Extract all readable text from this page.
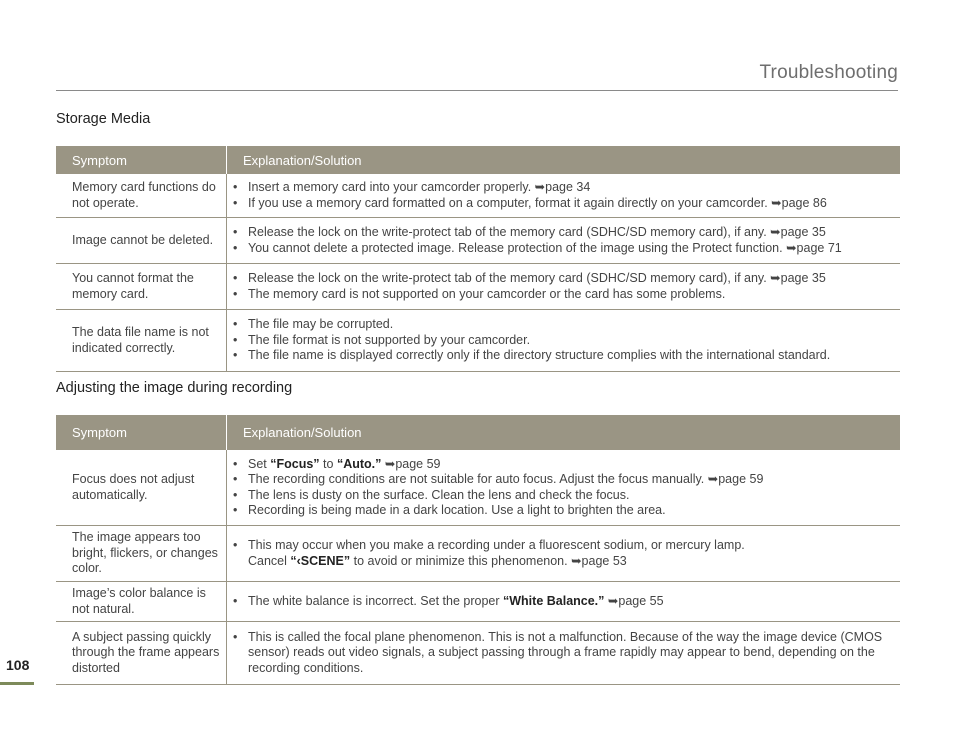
Troubleshooting
Storage Media
Symptom	Explanation/Solution
Memory card functions do not operate.
• Insert a memory card into your camcorder properly. ➥page 34
• If you use a memory card formatted on a computer, format it again directly on your camcorder. ➥page 86
Image cannot be deleted.
• Release the lock on the write-protect tab of the memory card (SDHC/SD memory card), if any. ➥page 35
• You cannot delete a protected image. Release protection of the image using the Protect function. ➥page 71
You cannot format the memory card.
• Release the lock on the write-protect tab of the memory card (SDHC/SD memory card), if any. ➥page 35
• The memory card is not supported on your camcorder or the card has some problems.
The data file name is not indicated correctly.
• The file may be corrupted.
• The file format is not supported by your camcorder.
• The file name is displayed correctly only if the directory structure complies with the international standard.
Adjusting the image during recording
Symptom	Explanation/Solution
Focus does not adjust automatically.
• Set “Focus” to “Auto.” ➥page 59
• The recording conditions are not suitable for auto focus. Adjust the focus manually. ➥page 59
• The lens is dusty on the surface. Clean the lens and check the focus.
• Recording is being made in a dark location. Use a light to brighten the area.
The image appears too bright, flickers, or changes color.
• This may occur when you make a recording under a fluorescent sodium, or mercury lamp.
Cancel “‹SCENE” to avoid or minimize this phenomenon. ➥page 53
Image’s color balance is not natural.
• The white balance is incorrect. Set the proper “White Balance.” ➥page 55
A subject passing quickly through the frame appears distorted
• This is called the focal plane phenomenon. This is not a malfunction. Because of the way the image device (CMOS sensor) reads out video signals, a subject passing through a frame rapidly may appear to bend, depending on the recording conditions.
108
